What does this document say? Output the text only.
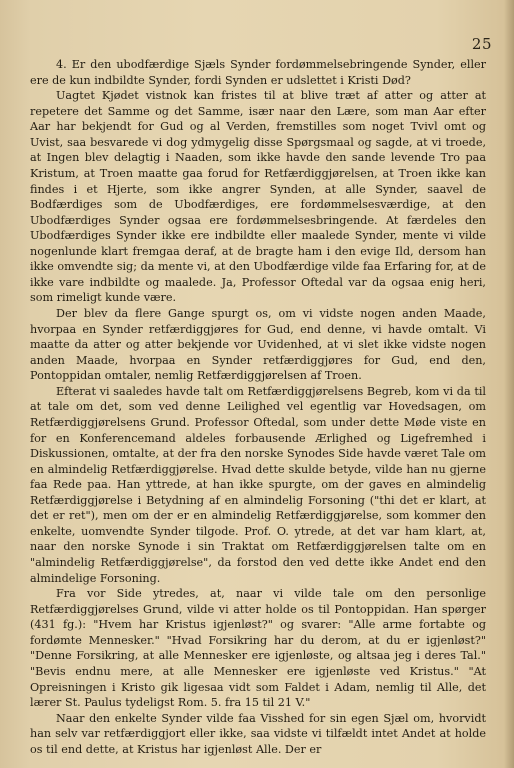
25

4. Er den ubodfærdige Sjæls Synder fordømmelsebringende Synder, eller ere de kun indbildte Synder, fordi Synden er udslettet i Kristi Død?

Uagtet Kjødet vistnok kan fristes til at blive træt af atter og atter at repetere det Samme og det Samme, især naar den Lære, som man Aar efter Aar har bekjendt for Gud og al Verden, fremstilles som noget Tvivl omt og Uvist, saa besvarede vi dog ydmygelig disse Spørgsmaal og sagde, at vi troede, at Ingen blev delagtig i Naaden, som ikke havde den sande levende Tro paa Kristum, at Troen maatte gaa forud for Retfærdiggjørelsen, at Troen ikke kan findes i et Hjerte, som ikke angrer Synden, at alle Synder, saavel de Bodfærdiges som de Ubodfærdiges, ere fordømmelsesværdige, at den Ubodfærdiges Synder ogsaa ere fordømmelsesbringende. At færdeles den Ubodfærdiges Synder ikke ere indbildte eller maalede Synder, mente vi vilde nogenlunde klart fremgaa deraf, at de bragte ham i den evige Ild, dersom han ikke omvendte sig; da mente vi, at den Ubodfærdige vilde faa Erfaring for, at de ikke vare indbildte og maalede. Ja, Professor Oftedal var da ogsaa enig heri, som rimeligt kunde være.

Der blev da flere Gange spurgt os, om vi vidste nogen anden Maade, hvorpaa en Synder retfærdiggjøres for Gud, end denne, vi havde omtalt. Vi maatte da atter og atter bekjende vor Uvidenhed, at vi slet ikke vidste nogen anden Maade, hvorpaa en Synder retfærdiggjøres for Gud, end den, Pontoppidan omtaler, nemlig Retfærdiggjørelsen af Troen.

Efterat vi saaledes havde talt om Retfærdiggjørelsens Begreb, kom vi da til at tale om det, som ved denne Leilighed vel egentlig var Hovedsagen, om Retfærdiggjørelsens Grund. Professor Oftedal, som under dette Møde viste en for en Konferencemand aldeles forbausende Ærlighed og Ligefremhed i Diskussionen, omtalte, at der fra den norske Synodes Side havde været Tale om en almindelig Retfærdiggjørelse. Hvad dette skulde betyde, vilde han nu gjerne faa Rede paa. Han yttrede, at han ikke spurgte, om der gaves en almindelig Retfærdiggjørelse i Betydning af en almindelig Forsoning ("thi det er klart, at det er ret"), men om der er en almindelig Retfærdiggjørelse, som kommer den enkelte, uomvendte Synder tilgode. Prof. O. ytrede, at det var ham klart, at, naar den norske Synode i sin Traktat om Retfærdiggjørelsen talte om en "almindelig Retfærdiggjørelse", da forstod den ved dette ikke Andet end den almindelige Forsoning.

Fra vor Side ytredes, at, naar vi vilde tale om den personlige Retfærdiggjørelses Grund, vilde vi atter holde os til Pontoppidan. Han spørger (431 fg.): "Hvem har Kristus igjenløst?" og svarer: "Alle arme fortabte og fordømte Mennesker." "Hvad Forsikring har du derom, at du er igjenløst?" "Denne Forsikring, at alle Mennesker ere igjenløste, og altsaa jeg i deres Tal." "Bevis endnu mere, at alle Mennesker ere igjenløste ved Kristus." "At Opreisningen i Kristo gik ligesaa vidt som Faldet i Adam, nemlig til Alle, det lærer St. Paulus tydeligst Rom. 5. fra 15 til 21 V."

Naar den enkelte Synder vilde faa Visshed for sin egen Sjæl om, hvorvidt han selv var retfærdiggjort eller ikke, saa vidste vi tilfældt intet Andet at holde os til end dette, at Kristus har igjenløst Alle. Der er
